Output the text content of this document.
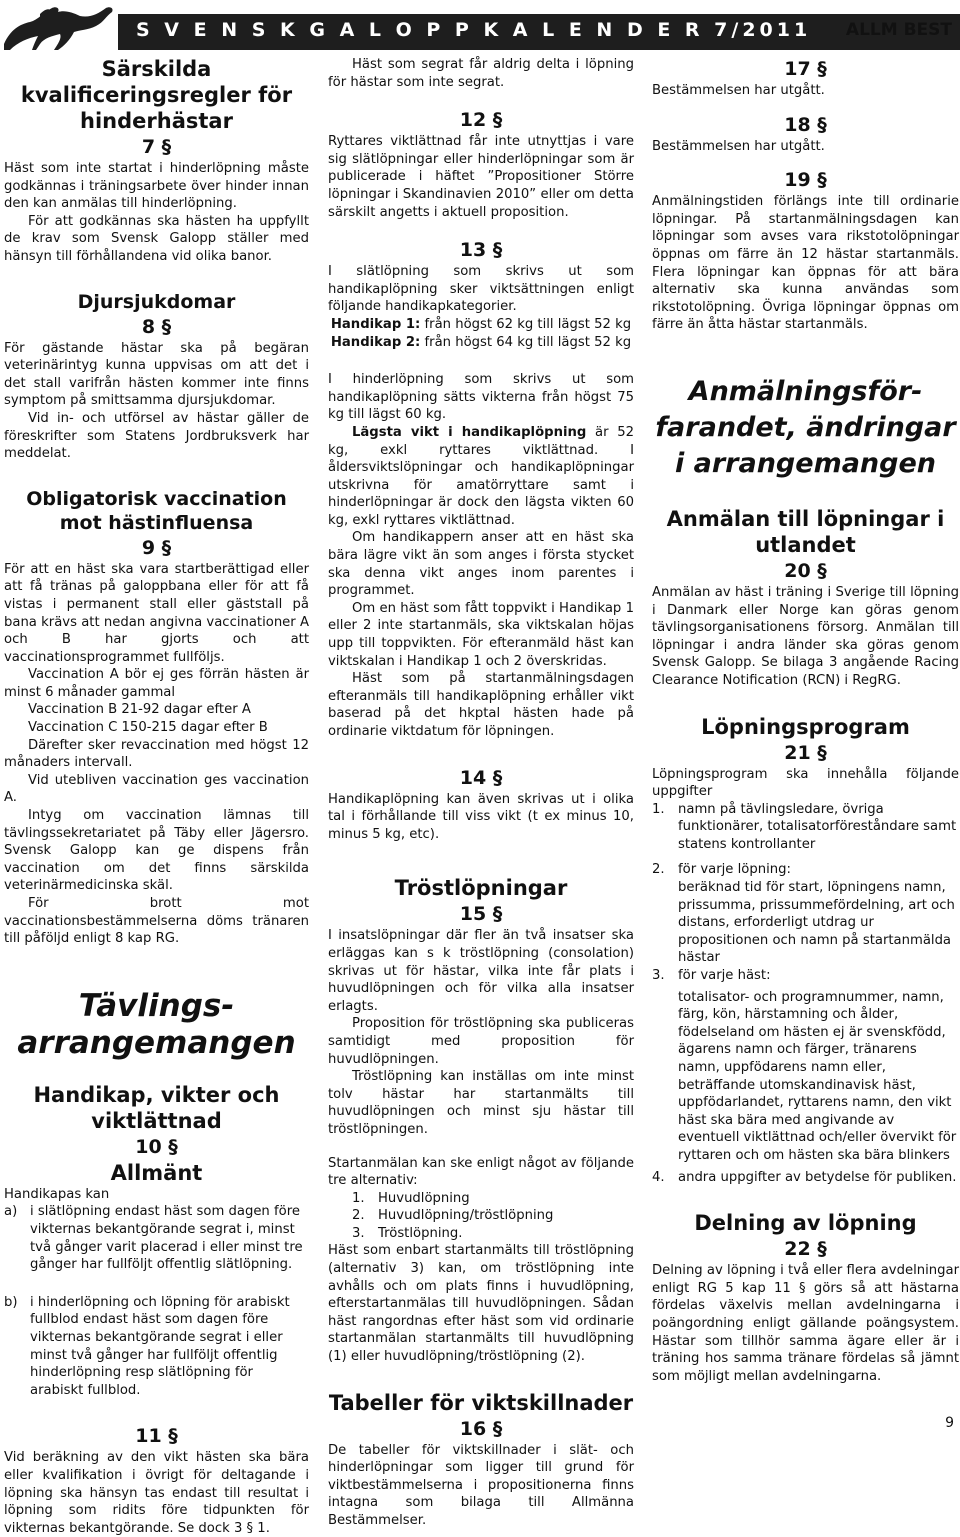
S V E N S K G A L O P P K A L E N D E R 7/2011 ALLM BEST
Särskilda kvalificeringsregler för hinderhästar
7 §

Häst som inte startat i hinderlöpning måste godkännas i träningsarbete över hinder innan den kan anmälas till hinderlöpning.

För att godkännas ska hästen ha uppfyllt de krav som Svensk Galopp ställer med hänsyn till förhållandena vid olika banor.

Djursjukdomar
8 §

För gästande hästar ska på begäran veterinärintyg kunna uppvisas om att det i det stall varifrån hästen kommer inte finns symptom på smittsamma djursjukdomar.

Vid in- och utförsel av hästar gäller de föreskrifter som Statens Jordbruksverk har meddelat.

Obligatorisk vaccination mot hästinfluensa
9 §

För att en häst ska vara startberättigad eller att få tränas på galoppbana eller för att få vistas i permanent stall eller gäststall på bana krävs att nedan angivna vaccinationer A och B har gjorts och att vaccinationsprogrammet fullföljs.

Vaccination A bör ej ges förrän hästen är minst 6 månader gammal

Vaccination B 21-92 dagar efter A

Vaccination C 150-215 dagar efter B

Därefter sker revaccination med högst 12 månaders intervall.

Vid utebliven vaccination ges vaccination A.

Intyg om vaccination lämnas till tävlingssekretariatet på Täby eller Jägersro. Svensk Galopp kan ge dispens från vaccination om det finns särskilda veterinärmedicinska skäl.

För brott mot vaccinationsbestämmelserna döms tränaren till påföljd enligt 8 kap RG.

Tävlings-
arrangemangen
Handikap, vikter och viktlättnad
10 §
Allmänt

Handikapas kan

a) i slätlöpning endast häst som dagen före vikternas bekantgörande segrat i, minst två gånger varit placerad i eller minst tre gånger har fullföljt offentlig slätlöpning.
b) i hinderlöpning och löpning för arabiskt fullblod endast häst som dagen före vikternas bekantgörande segrat i eller minst två gånger har fullföljt offentlig hinderlöpning resp slätlöpning för arabiskt fullblod.
11 §

Vid beräkning av den vikt hästen ska bära eller kvalifikation i övrigt för deltagande i löpning ska hänsyn tas endast till resultat i löpning som ridits före tidpunkten för vikternas bekantgörande. Se dock 3 § 1.

Häst som segrat får aldrig delta i löpning för hästar som inte segrat.

12 §

Ryttares viktlättnad får inte utnyttjas i vare sig slätlöpningar eller hinderlöpningar som är publicerade i häftet ”Propositioner Större löpningar i Skandinavien 2010” eller om detta särskilt angetts i aktuell proposition.

13 §

I slätlöpning som skrivs ut som handikaplöpning sker viktsättningen enligt följande handikapkategorier.

Handikap 1: från högst 62 kg till lägst 52 kg
Handikap 2: från högst 64 kg till lägst 52 kg

I hinderlöpning som skrivs ut som handikaplöpning sätts vikterna från högst 75 kg till lägst 60 kg.

Lägsta vikt i handikaplöpning är 52 kg, exkl ryttares viktlättnad. I åldersviktslöpningar och handikaplöpningar utskrivna för amatörryttare samt i hinderlöpningar är dock den lägsta vikten 60 kg, exkl ryttares viktlättnad.

Om handikappern anser att en häst ska bära lägre vikt än som anges i första stycket ska denna vikt anges inom parentes i programmet.

Om en häst som fått toppvikt i Handikap 1 eller 2 inte startanmäls, ska viktskalan höjas upp till toppvikten. För efteranmäld häst kan viktskalan i Handikap 1 och 2 överskridas.

Häst som på startanmälningsdagen efteranmäls till handikaplöpning erhåller vikt baserad på det hkptal hästen hade på ordinarie viktdatum för löpningen.

14 §

Handikaplöpning kan även skrivas ut i olika tal i förhållande till viss vikt (t ex minus 10, minus 5 kg, etc).

Tröstlöpningar
15 §

I insatslöpningar där fler än två insatser ska erläggas kan s k tröstlöpning (consolation) skrivas ut för hästar, vilka inte får plats i huvudlöpningen och för vilka alla insatser erlagts.

Proposition för tröstlöpning ska publiceras samtidigt med proposition för huvudlöpningen.

Tröstlöpning kan inställas om inte minst tolv hästar har startanmälts till huvudlöpningen och minst sju hästar till tröstlöpningen.

Startanmälan kan ske enligt något av följande tre alternativ:

1.	Huvudlöpning
2.	Huvudlöpning/tröstlöpning
3.	Tröstlöpning.

Häst som enbart startanmälts till tröstlöpning (alternativ 3) kan, om tröstlöpning inte avhålls och om plats finns i huvudlöpning, efterstartanmälas till huvudlöpningen. Sådan häst rangordnas efter häst som vid ordinarie startanmälan startanmälts till huvudlöpning (1) eller huvudlöpning/tröstlöpning (2).

Tabeller för viktskillnader
16 §

De tabeller för viktskillnader i slät- och hinderlöpningar som ligger till grund för viktbestämmelserna i propositionerna finns intagna som bilaga till Allmänna Bestämmelser.

17 §

Bestämmelsen har utgått.

18 §

Bestämmelsen har utgått.

19 §

Anmälningstiden förlängs inte till ordinarie löpningar. På startanmälningsdagen kan löpningar som avses vara rikstotolöpningar öppnas om färre än 12 hästar startanmäls. Flera löpningar kan öppnas för att bära alternativ ska kunna användas som rikstotolöpning. Övriga löpningar öppnas om färre än åtta hästar startanmäls.

Anmälningsför-
farandet, ändringar
i arrangemangen
Anmälan till löpningar i utlandet
20 §

Anmälan av häst i träning i Sverige till löpning i Danmark eller Norge kan göras genom tävlingsorganisationens försorg. Anmälan till löpningar i andra länder ska göras genom Svensk Galopp. Se bilaga 3 angående Racing Clearance Notification (RCN) i RegRG.

Löpningsprogram
21 §

Löpningsprogram ska innehålla följande uppgifter

1.	namn på tävlingsledare, övriga funktionärer, totalisatorföreståndare samt statens kontrollanter
2.	för varje löpning:
beräknad tid för start, löpningens namn, prissumma, prissummefördelning, art och distans, erforderligt utdrag ur propositionen och namn på startanmälda hästar
3.	för varje häst:
totalisator- och programnummer, namn, färg, kön, härstamning och ålder, födelseland om hästen ej är svenskfödd, ägarens namn och färger, tränarens namn, uppfödarens namn eller, beträffande utomskandinavisk häst, uppfödarlandet, ryttarens namn, den vikt häst ska bära med angivande av eventuell viktlättnad och/eller övervikt för ryttaren och om hästen ska bära blinkers
4.	andra uppgifter av betydelse för publiken.
Delning av löpning
22 §

Delning av löpning i två eller flera avdelningar enligt RG 5 kap 11 § görs så att hästarna fördelas växelvis mellan avdelningarna i poängordning enligt gällande poängsystem. Hästar som tillhör samma ägare eller är i träning hos samma tränare fördelas så jämnt som möjligt mellan avdelningarna.

9
